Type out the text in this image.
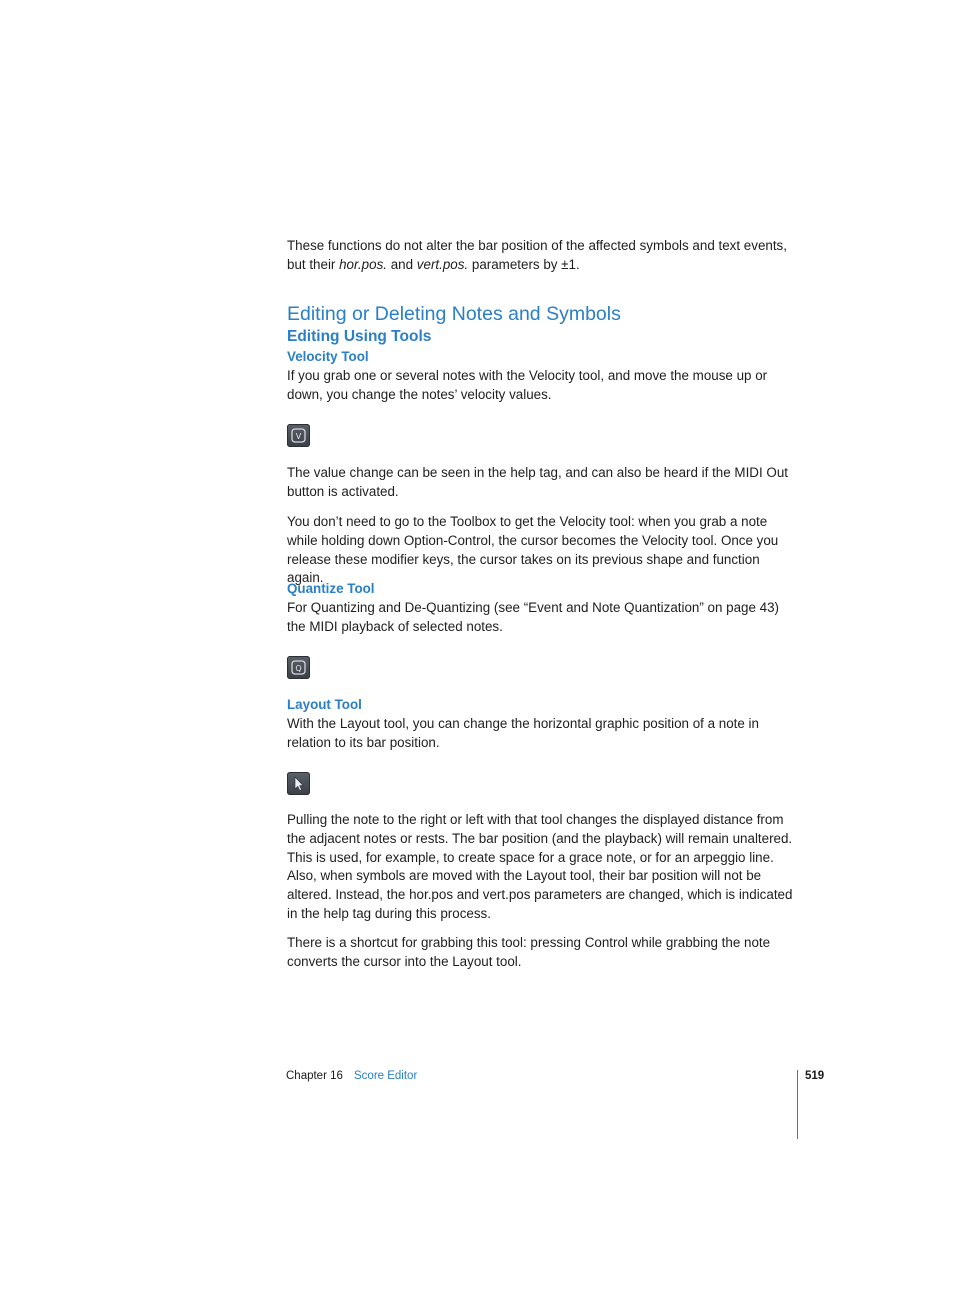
These functions do not alter the bar position of the affected symbols and text events, but their hor.pos. and vert.pos. parameters by ±1.

Editing or Deleting Notes and Symbols
Editing Using Tools
Velocity Tool

If you grab one or several notes with the Velocity tool, and move the mouse up or down, you change the notes’ velocity values.

V

The value change can be seen in the help tag, and can also be heard if the MIDI Out button is activated.

You don’t need to go to the Toolbox to get the Velocity tool: when you grab a note while holding down Option-Control, the cursor becomes the Velocity tool. Once you release these modifier keys, the cursor takes on its previous shape and function again.

Quantize Tool

For Quantizing and De-Quantizing (see “Event and Note Quantization” on page 43) the MIDI playback of selected notes.

Q
Layout Tool

With the Layout tool, you can change the horizontal graphic position of a note in relation to its bar position.

Pulling the note to the right or left with that tool changes the displayed distance from the adjacent notes or rests. The bar position (and the playback) will remain unaltered. This is used, for example, to create space for a grace note, or for an arpeggio line. Also, when symbols are moved with the Layout tool, their bar position will not be altered. Instead, the hor.pos and vert.pos parameters are changed, which is indicated in the help tag during this process.

There is a shortcut for grabbing this tool: pressing Control while grabbing the note converts the cursor into the Layout tool.

Chapter 16 Score Editor	519
